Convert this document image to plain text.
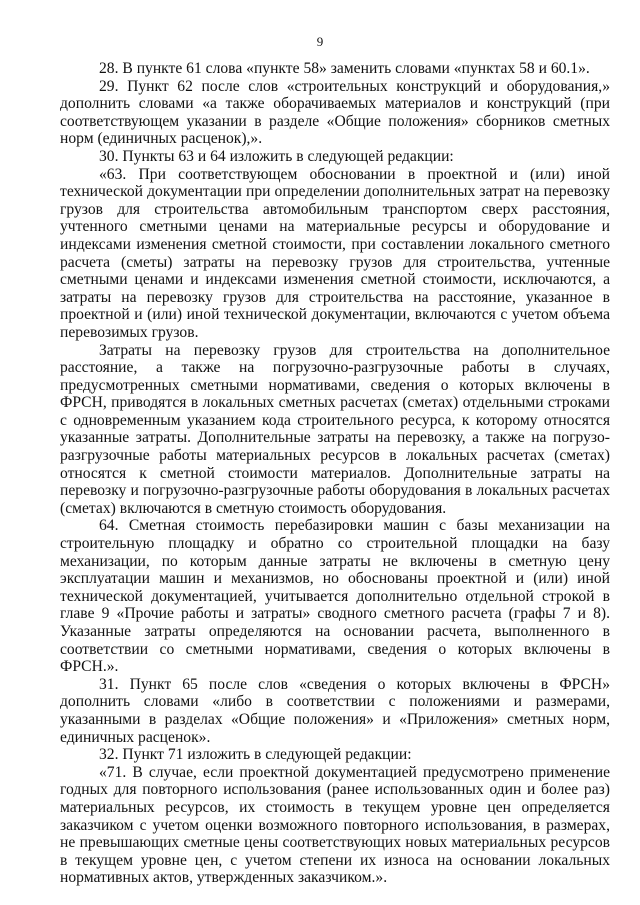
9

28. В пункте 61 слова «пункте 58» заменить словами «пунктах 58 и 60.1».

29. Пункт 62 после слов «строительных конструкций и оборудования,» дополнить словами «а также оборачиваемых материалов и конструкций (при соответствующем указании в разделе «Общие положения» сборников сметных норм (единичных расценок),».

30. Пункты 63 и 64 изложить в следующей редакции:

«63. При соответствующем обосновании в проектной и (или) иной технической документации при определении дополнительных затрат на перевозку грузов для строительства автомобильным транспортом сверх расстояния, учтенного сметными ценами на материальные ресурсы и оборудование и индексами изменения сметной стоимости, при составлении локального сметного расчета (сметы) затраты на перевозку грузов для строительства, учтенные сметными ценами и индексами изменения сметной стоимости, исключаются, а затраты на перевозку грузов для строительства на расстояние, указанное в проектной и (или) иной технической документации, включаются с учетом объема перевозимых грузов.

Затраты на перевозку грузов для строительства на дополнительное расстояние, а также на погрузочно-разгрузочные работы в случаях, предусмотренных сметными нормативами, сведения о которых включены в ФРСН, приводятся в локальных сметных расчетах (сметах) отдельными строками с одновременным указанием кода строительного ресурса, к которому относятся указанные затраты. Дополнительные затраты на перевозку, а также на погрузо-разгрузочные работы материальных ресурсов в локальных расчетах (сметах) относятся к сметной стоимости материалов. Дополнительные затраты на перевозку и погрузочно-разгрузочные работы оборудования в локальных расчетах (сметах) включаются в сметную стоимость оборудования.

64. Сметная стоимость перебазировки машин с базы механизации на строительную площадку и обратно со строительной площадки на базу механизации, по которым данные затраты не включены в сметную цену эксплуатации машин и механизмов, но обоснованы проектной и (или) иной технической документацией, учитывается дополнительно отдельной строкой в главе 9 «Прочие работы и затраты» сводного сметного расчета (графы 7 и 8). Указанные затраты определяются на основании расчета, выполненного в соответствии со сметными нормативами, сведения о которых включены в ФРСН.».

31. Пункт 65 после слов «сведения о которых включены в ФРСН» дополнить словами «либо в соответствии с положениями и размерами, указанными в разделах «Общие положения» и «Приложения» сметных норм, единичных расценок».

32. Пункт 71 изложить в следующей редакции:

«71. В случае, если проектной документацией предусмотрено применение годных для повторного использования (ранее использованных один и более раз) материальных ресурсов, их стоимость в текущем уровне цен определяется заказчиком с учетом оценки возможного повторного использования, в размерах, не превышающих сметные цены соответствующих новых материальных ресурсов в текущем уровне цен, с учетом степени их износа на основании локальных нормативных актов, утвержденных заказчиком.».
